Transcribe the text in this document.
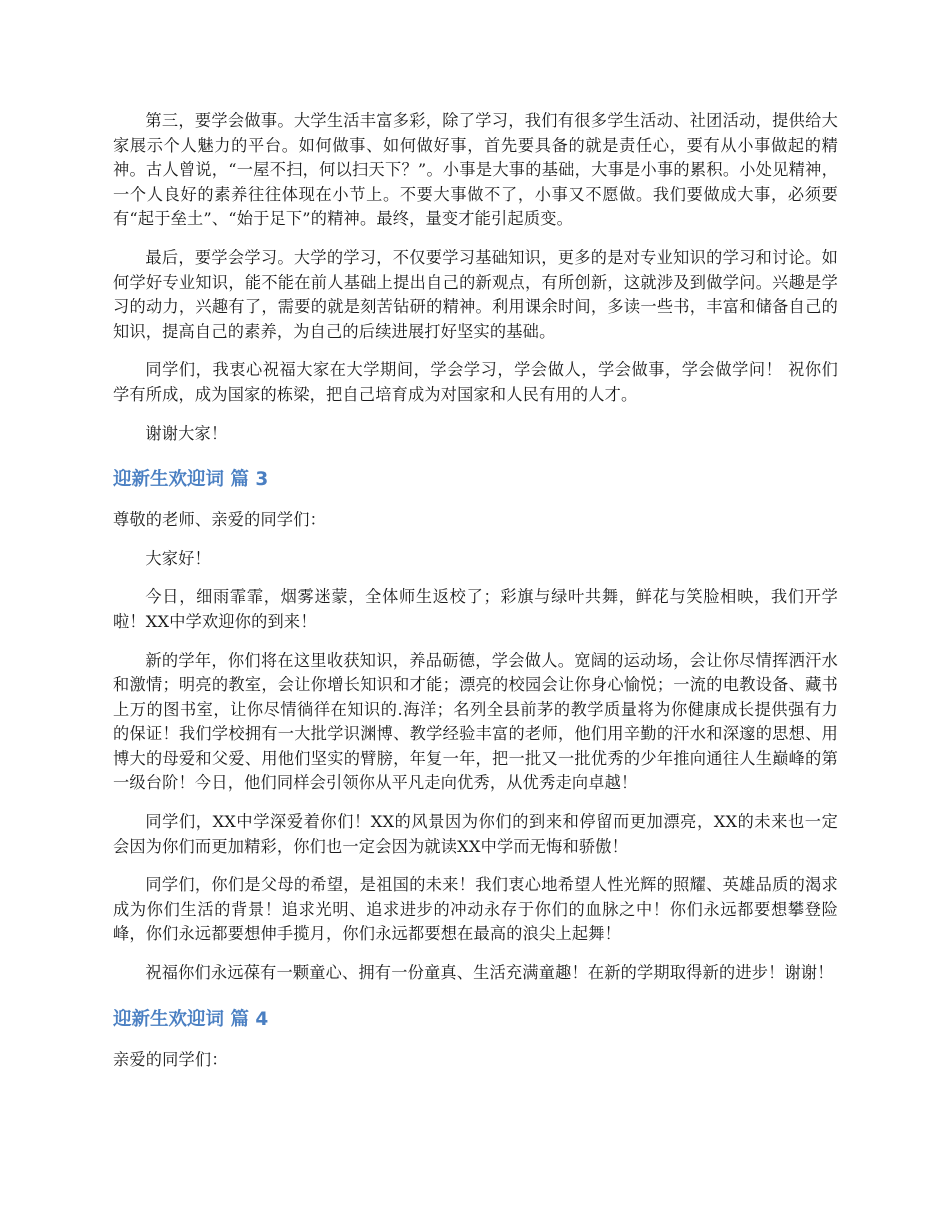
第三，要学会做事。大学生活丰富多彩，除了学习，我们有很多学生活动、社团活动，提供给大家展示个人魅力的平台。如何做事、如何做好事，首先要具备的就是责任心，要有从小事做起的精神。古人曾说，“一屋不扫，何以扫天下？”。小事是大事的基础，大事是小事的累积。小处见精神，一个人良好的素养往往体现在小节上。不要大事做不了，小事又不愿做。我们要做成大事，必须要有“起于垒土”、“始于足下”的精神。最终，量变才能引起质变。

最后，要学会学习。大学的学习，不仅要学习基础知识，更多的是对专业知识的学习和讨论。如何学好专业知识，能不能在前人基础上提出自己的新观点，有所创新，这就涉及到做学问。兴趣是学习的动力，兴趣有了，需要的就是刻苦钻研的精神。利用课余时间，多读一些书，丰富和储备自己的知识，提高自己的素养，为自己的后续进展打好坚实的基础。

同学们，我衷心祝福大家在大学期间，学会学习，学会做人，学会做事，学会做学问！ 祝你们学有所成，成为国家的栋梁，把自己培育成为对国家和人民有用的人才。

谢谢大家！

迎新生欢迎词 篇 3

尊敬的老师、亲爱的同学们：

大家好！

今日，细雨霏霏，烟雾迷蒙，全体师生返校了；彩旗与绿叶共舞，鲜花与笑脸相映，我们开学啦！XX中学欢迎你的到来！

新的学年，你们将在这里收获知识，养品砺德，学会做人。宽阔的运动场，会让你尽情挥洒汗水和激情；明亮的教室，会让你增长知识和才能；漂亮的校园会让你身心愉悦；一流的电教设备、藏书上万的图书室，让你尽情徜徉在知识的.海洋；名列全县前茅的教学质量将为你健康成长提供强有力的保证！我们学校拥有一大批学识渊博、教学经验丰富的老师，他们用辛勤的汗水和深邃的思想、用博大的母爱和父爱、用他们坚实的臂膀，年复一年，把一批又一批优秀的少年推向通往人生巅峰的第一级台阶！今日，他们同样会引领你从平凡走向优秀，从优秀走向卓越！

同学们，XX中学深爱着你们！XX的风景因为你们的到来和停留而更加漂亮，XX的未来也一定会因为你们而更加精彩，你们也一定会因为就读XX中学而无悔和骄傲！

同学们，你们是父母的希望，是祖国的未来！我们衷心地希望人性光辉的照耀、英雄品质的渴求成为你们生活的背景！追求光明、追求进步的冲动永存于你们的血脉之中！你们永远都要想攀登险峰，你们永远都要想伸手揽月，你们永远都要想在最高的浪尖上起舞！

祝福你们永远葆有一颗童心、拥有一份童真、生活充满童趣！在新的学期取得新的进步！谢谢！

迎新生欢迎词 篇 4

亲爱的同学们：
